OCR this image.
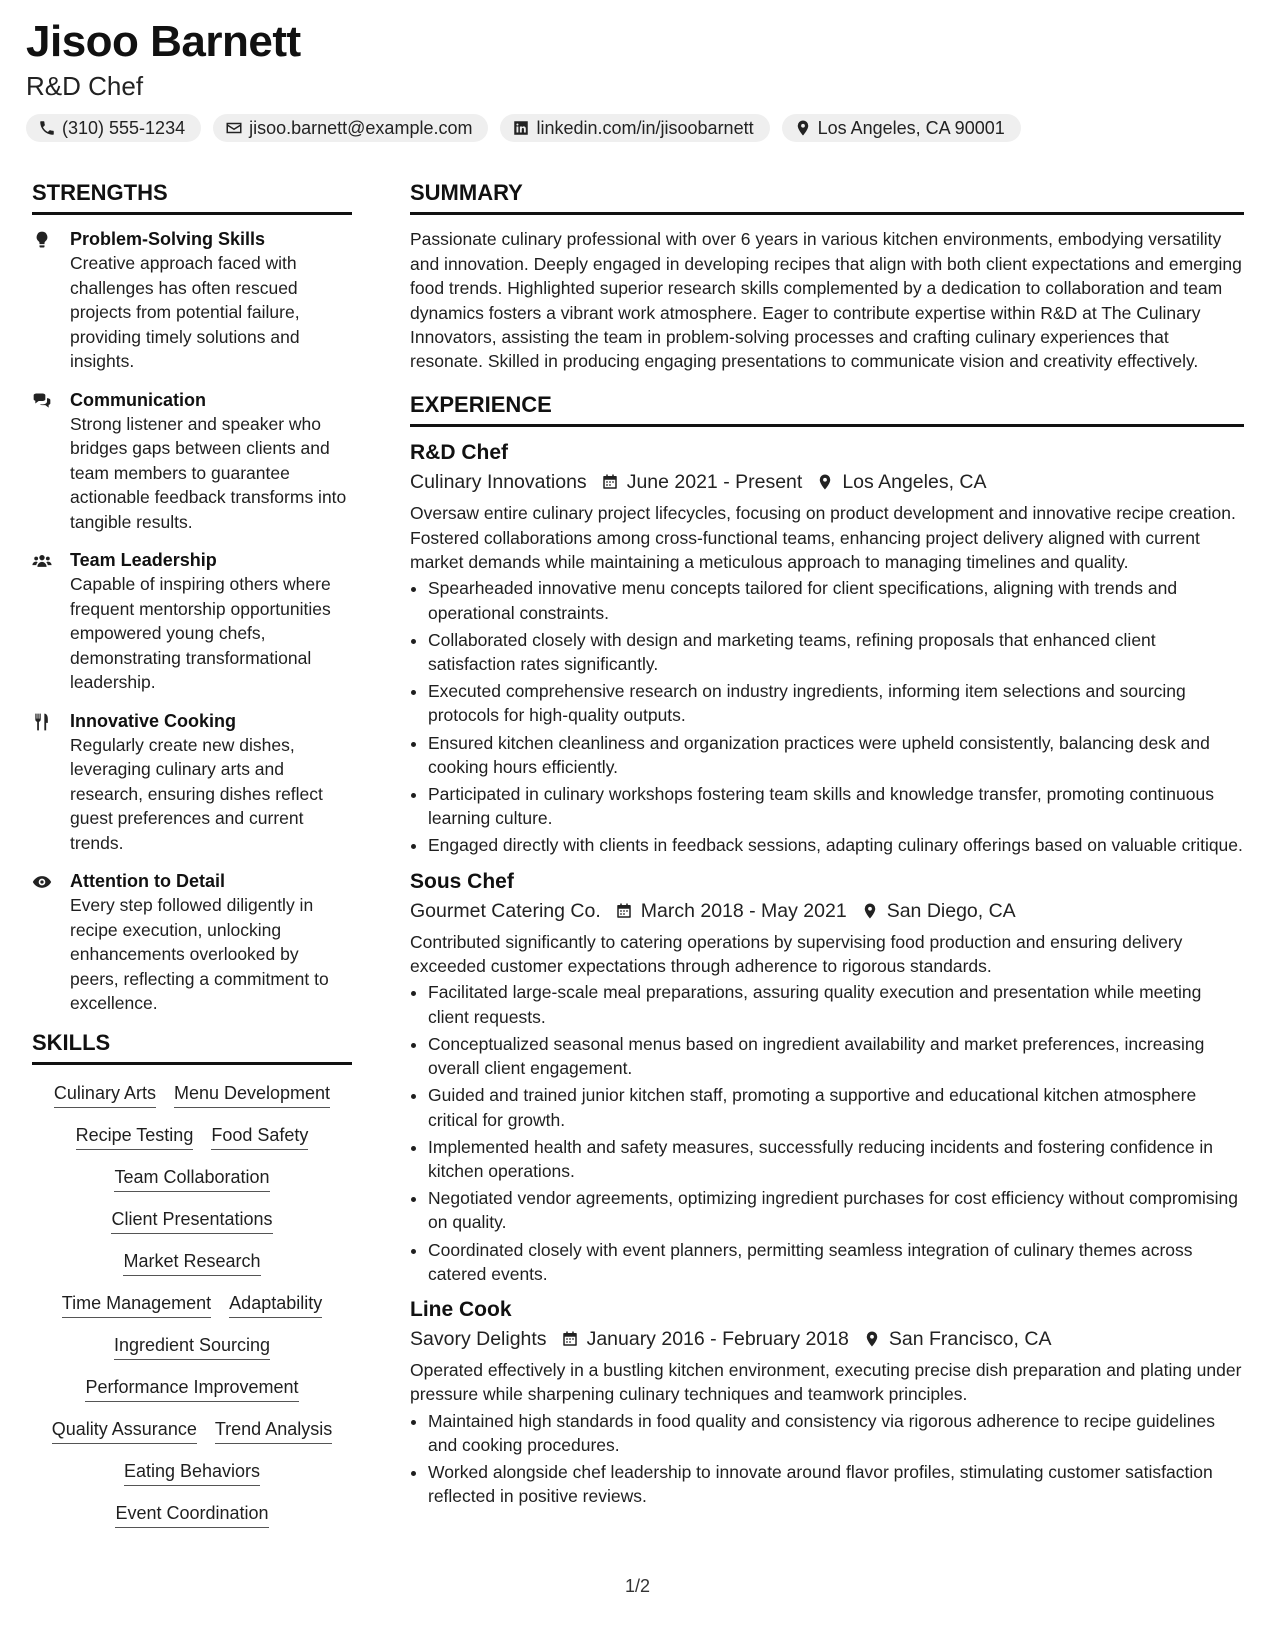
Jisoo Barnett
R&D Chef
(310) 555-1234	jisoo.barnett@example.com	linkedin.com/in/jisoobarnett	Los Angeles, CA 90001
STRENGTHS
Problem-Solving Skills
Creative approach faced with challenges has often rescued projects from potential failure, providing timely solutions and insights.
Communication
Strong listener and speaker who bridges gaps between clients and team members to guarantee actionable feedback transforms into tangible results.
Team Leadership
Capable of inspiring others where frequent mentorship opportunities empowered young chefs, demonstrating transformational leadership.
Innovative Cooking
Regularly create new dishes, leveraging culinary arts and research, ensuring dishes reflect guest preferences and current trends.
Attention to Detail
Every step followed diligently in recipe execution, unlocking enhancements overlooked by peers, reflecting a commitment to excellence.
SKILLS
Culinary Arts Menu Development
Recipe Testing Food Safety
Team Collaboration
Client Presentations
Market Research
Time Management Adaptability
Ingredient Sourcing
Performance Improvement
Quality Assurance Trend Analysis
Eating Behaviors
Event Coordination
SUMMARY

Passionate culinary professional with over 6 years in various kitchen environments, embodying versatility and innovation. Deeply engaged in developing recipes that align with both client expectations and emerging food trends. Highlighted superior research skills complemented by a dedication to collaboration and team dynamics fosters a vibrant work atmosphere. Eager to contribute expertise within R&D at The Culinary Innovators, assisting the team in problem-solving processes and crafting culinary experiences that resonate. Skilled in producing engaging presentations to communicate vision and creativity effectively.

EXPERIENCE
R&D Chef
Culinary Innovations June 2021 - Present Los Angeles, CA
Oversaw entire culinary project lifecycles, focusing on product development and innovative recipe creation. Fostered collaborations among cross-functional teams, enhancing project delivery aligned with current market demands while maintaining a meticulous approach to managing timelines and quality.
• Spearheaded innovative menu concepts tailored for client specifications, aligning with trends and operational constraints.
• Collaborated closely with design and marketing teams, refining proposals that enhanced client satisfaction rates significantly.
• Executed comprehensive research on industry ingredients, informing item selections and sourcing protocols for high-quality outputs.
• Ensured kitchen cleanliness and organization practices were upheld consistently, balancing desk and cooking hours efficiently.
• Participated in culinary workshops fostering team skills and knowledge transfer, promoting continuous learning culture.
• Engaged directly with clients in feedback sessions, adapting culinary offerings based on valuable critique.
Sous Chef
Gourmet Catering Co. March 2018 - May 2021 San Diego, CA
Contributed significantly to catering operations by supervising food production and ensuring delivery exceeded customer expectations through adherence to rigorous standards.
• Facilitated large-scale meal preparations, assuring quality execution and presentation while meeting client requests.
• Conceptualized seasonal menus based on ingredient availability and market preferences, increasing overall client engagement.
• Guided and trained junior kitchen staff, promoting a supportive and educational kitchen atmosphere critical for growth.
• Implemented health and safety measures, successfully reducing incidents and fostering confidence in kitchen operations.
• Negotiated vendor agreements, optimizing ingredient purchases for cost efficiency without compromising on quality.
• Coordinated closely with event planners, permitting seamless integration of culinary themes across catered events.
Line Cook
Savory Delights January 2016 - February 2018 San Francisco, CA
Operated effectively in a bustling kitchen environment, executing precise dish preparation and plating under pressure while sharpening culinary techniques and teamwork principles.
• Maintained high standards in food quality and consistency via rigorous adherence to recipe guidelines and cooking procedures.
• Worked alongside chef leadership to innovate around flavor profiles, stimulating customer satisfaction reflected in positive reviews.
1/2
